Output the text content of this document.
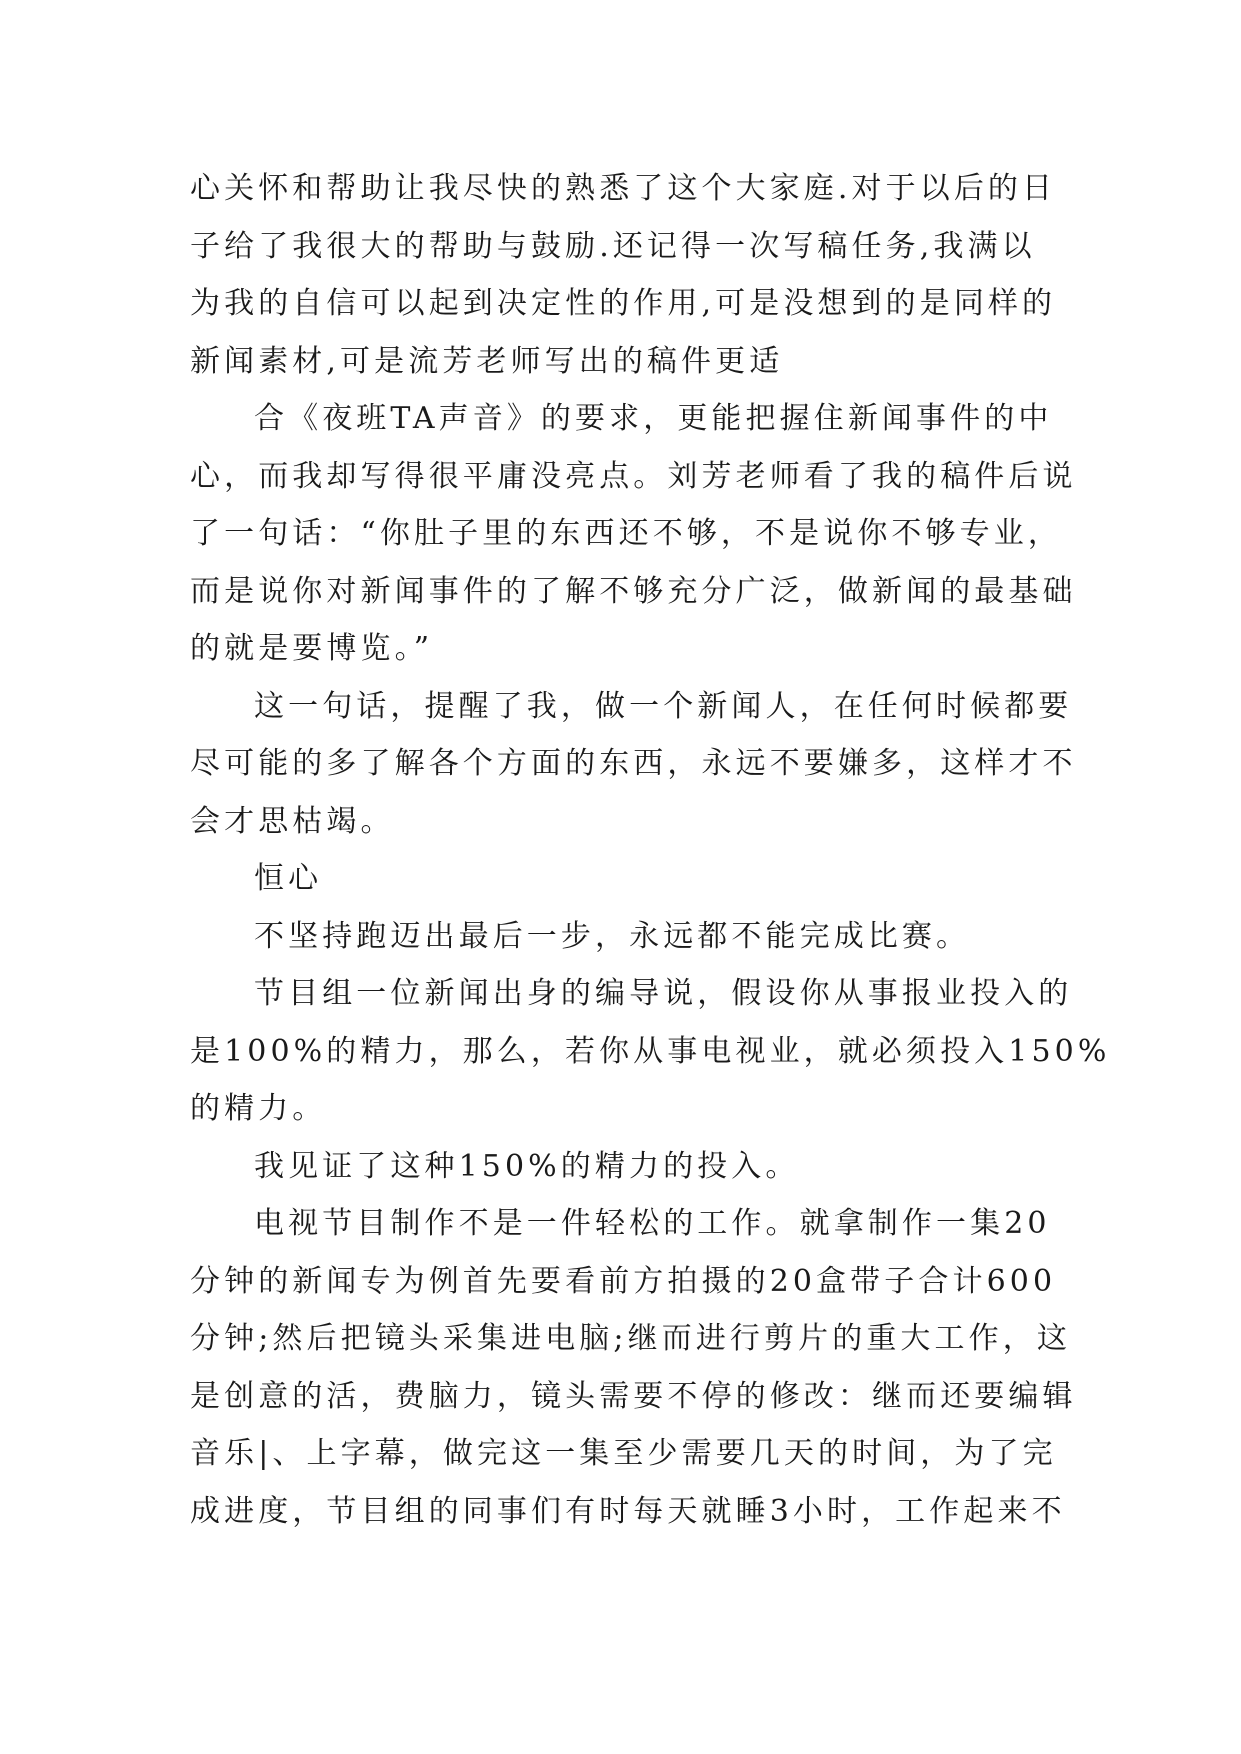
心关怀和帮助让我尽快的熟悉了这个大家庭.对于以后的日
子给了我很大的帮助与鼓励.还记得一次写稿任务,我满以
为我的自信可以起到决定性的作用,可是没想到的是同样的
新闻素材,可是流芳老师写出的稿件更适
合《夜班TA声音》的要求，更能把握住新闻事件的中
心，而我却写得很平庸没亮点。刘芳老师看了我的稿件后说
了一句话：“你肚子里的东西还不够，不是说你不够专业，
而是说你对新闻事件的了解不够充分广泛，做新闻的最基础
的就是要博览。”
这一句话，提醒了我，做一个新闻人，在任何时候都要
尽可能的多了解各个方面的东西，永远不要嫌多，这样才不
会才思枯竭。
恒心
不坚持跑迈出最后一步，永远都不能完成比赛。
节目组一位新闻出身的编导说，假设你从事报业投入的
是100%的精力，那么，若你从事电视业，就必须投入150%
的精力。
我见证了这种150%的精力的投入。
电视节目制作不是一件轻松的工作。就拿制作一集20
分钟的新闻专为例首先要看前方拍摄的20盒带子合计600
分钟;然后把镜头采集进电脑;继而进行剪片的重大工作，这
是创意的活，费脑力，镜头需要不停的修改：继而还要编辑
音乐|、上字幕，做完这一集至少需要几天的时间，为了完
成进度，节目组的同事们有时每天就睡3小时，工作起来不
